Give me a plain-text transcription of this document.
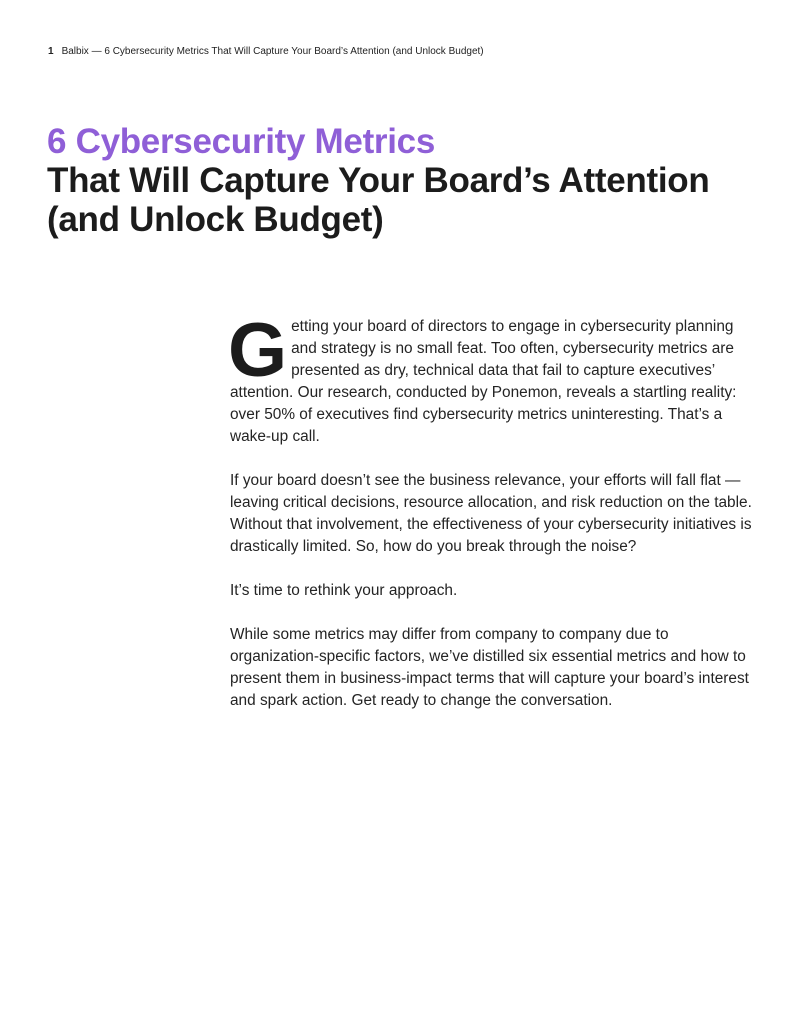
1 Balbix — 6 Cybersecurity Metrics That Will Capture Your Board’s Attention (and Unlock Budget)
6 Cybersecurity Metrics
That Will Capture Your Board’s Attention (and Unlock Budget)

Getting your board of directors to engage in cybersecurity planning and strategy is no small feat. Too often, cybersecurity metrics are presented as dry, technical data that fail to capture executives’ attention. Our research, conducted by Ponemon, reveals a startling reality: over 50% of executives find cybersecurity metrics uninteresting. That’s a wake-up call.

If your board doesn’t see the business relevance, your efforts will fall flat — leaving critical decisions, resource allocation, and risk reduction on the table. Without that involvement, the effectiveness of your cybersecurity initiatives is drastically limited. So, how do you break through the noise?

It’s time to rethink your approach.

While some metrics may differ from company to company due to organization-specific factors, we’ve distilled six essential metrics and how to present them in business-impact terms that will capture your board’s interest and spark action. Get ready to change the conversation.
